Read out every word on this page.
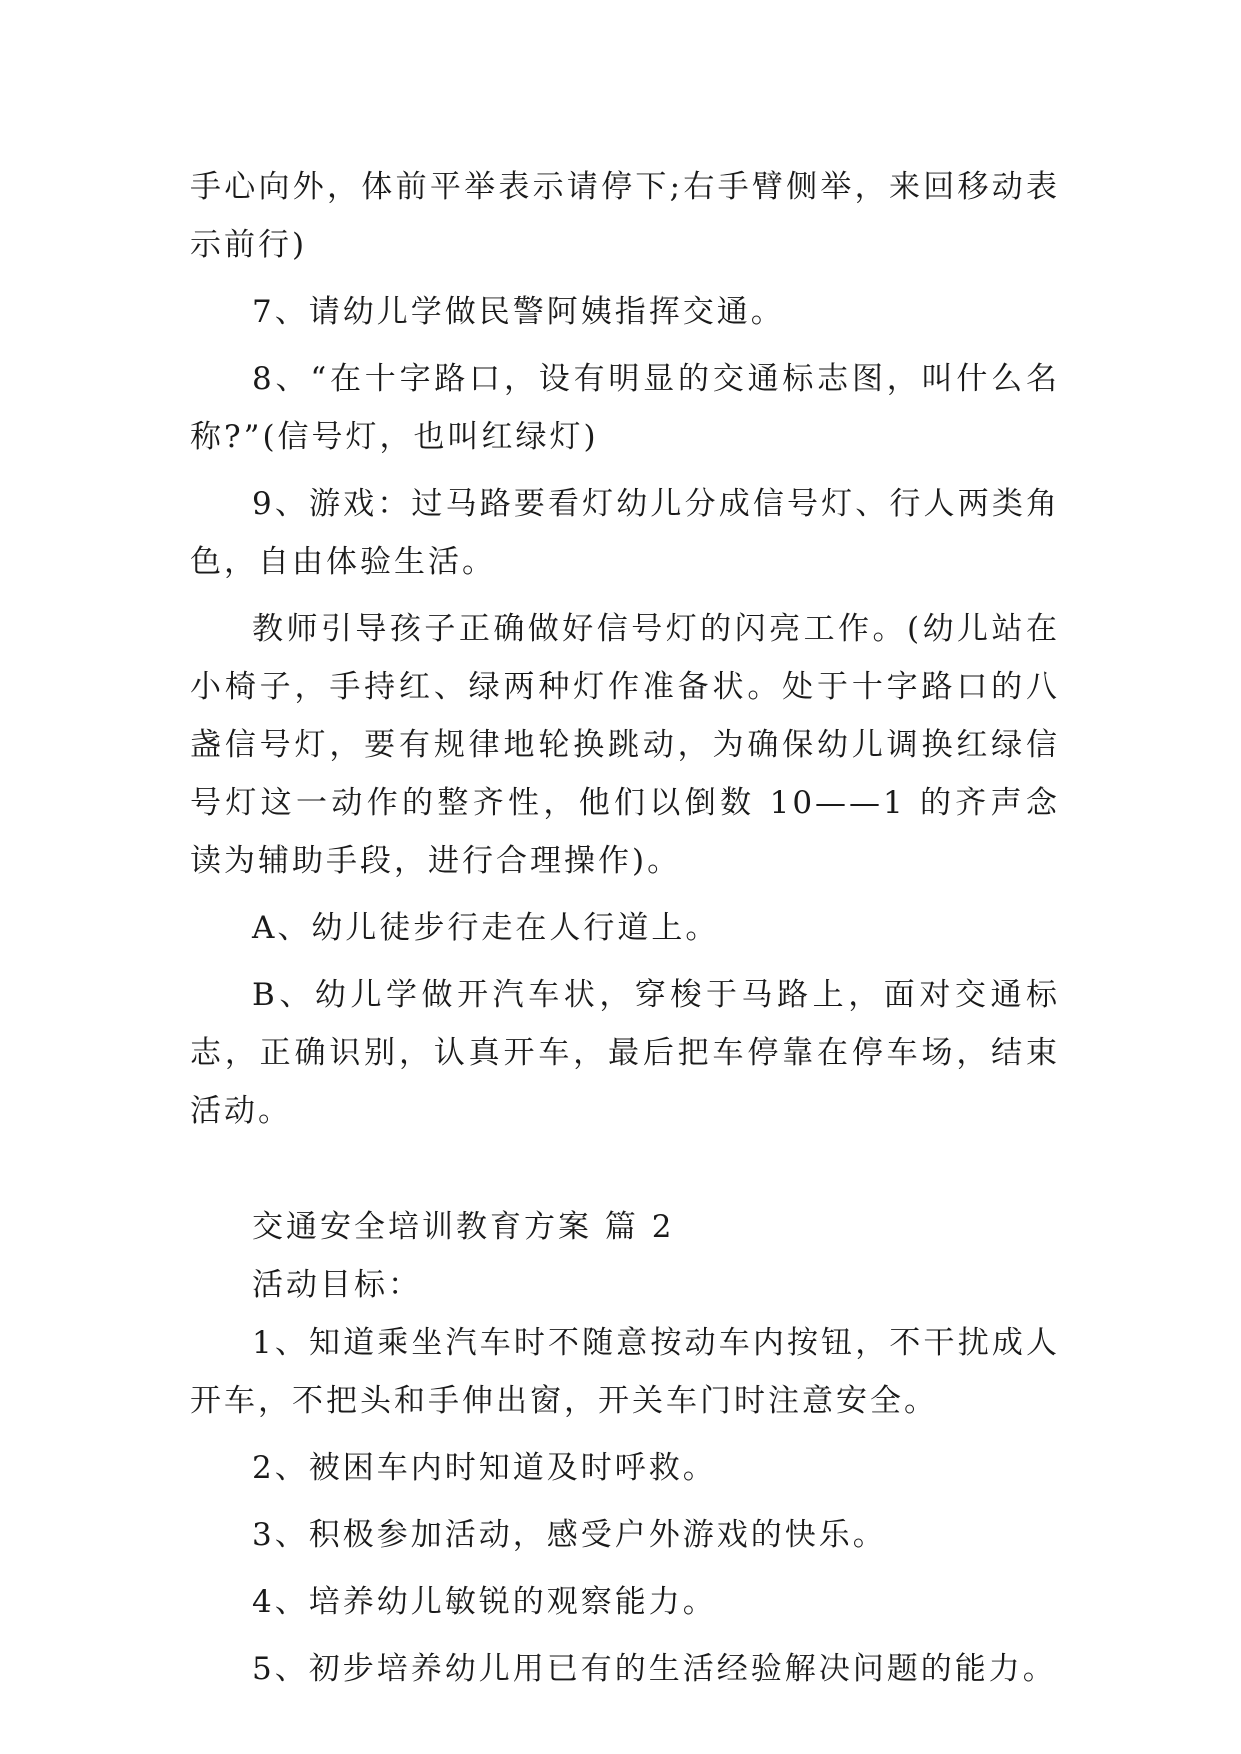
手心向外，体前平举表示请停下;右手臂侧举，来回移动表示前行)

7、请幼儿学做民警阿姨指挥交通。

8、“在十字路口，设有明显的交通标志图，叫什么名称?”(信号灯，也叫红绿灯)

9、游戏：过马路要看灯幼儿分成信号灯、行人两类角色，自由体验生活。

教师引导孩子正确做好信号灯的闪亮工作。(幼儿站在小椅子，手持红、绿两种灯作准备状。处于十字路口的八盏信号灯，要有规律地轮换跳动，为确保幼儿调换红绿信号灯这一动作的整齐性，他们以倒数 10——1 的齐声念读为辅助手段，进行合理操作)。

A、幼儿徒步行走在人行道上。

B、幼儿学做开汽车状，穿梭于马路上，面对交通标志，正确识别，认真开车，最后把车停靠在停车场，结束活动。

交通安全培训教育方案 篇 2

活动目标：

1、知道乘坐汽车时不随意按动车内按钮，不干扰成人开车，不把头和手伸出窗，开关车门时注意安全。

2、被困车内时知道及时呼救。

3、积极参加活动，感受户外游戏的快乐。

4、培养幼儿敏锐的观察能力。

5、初步培养幼儿用已有的生活经验解决问题的能力。
